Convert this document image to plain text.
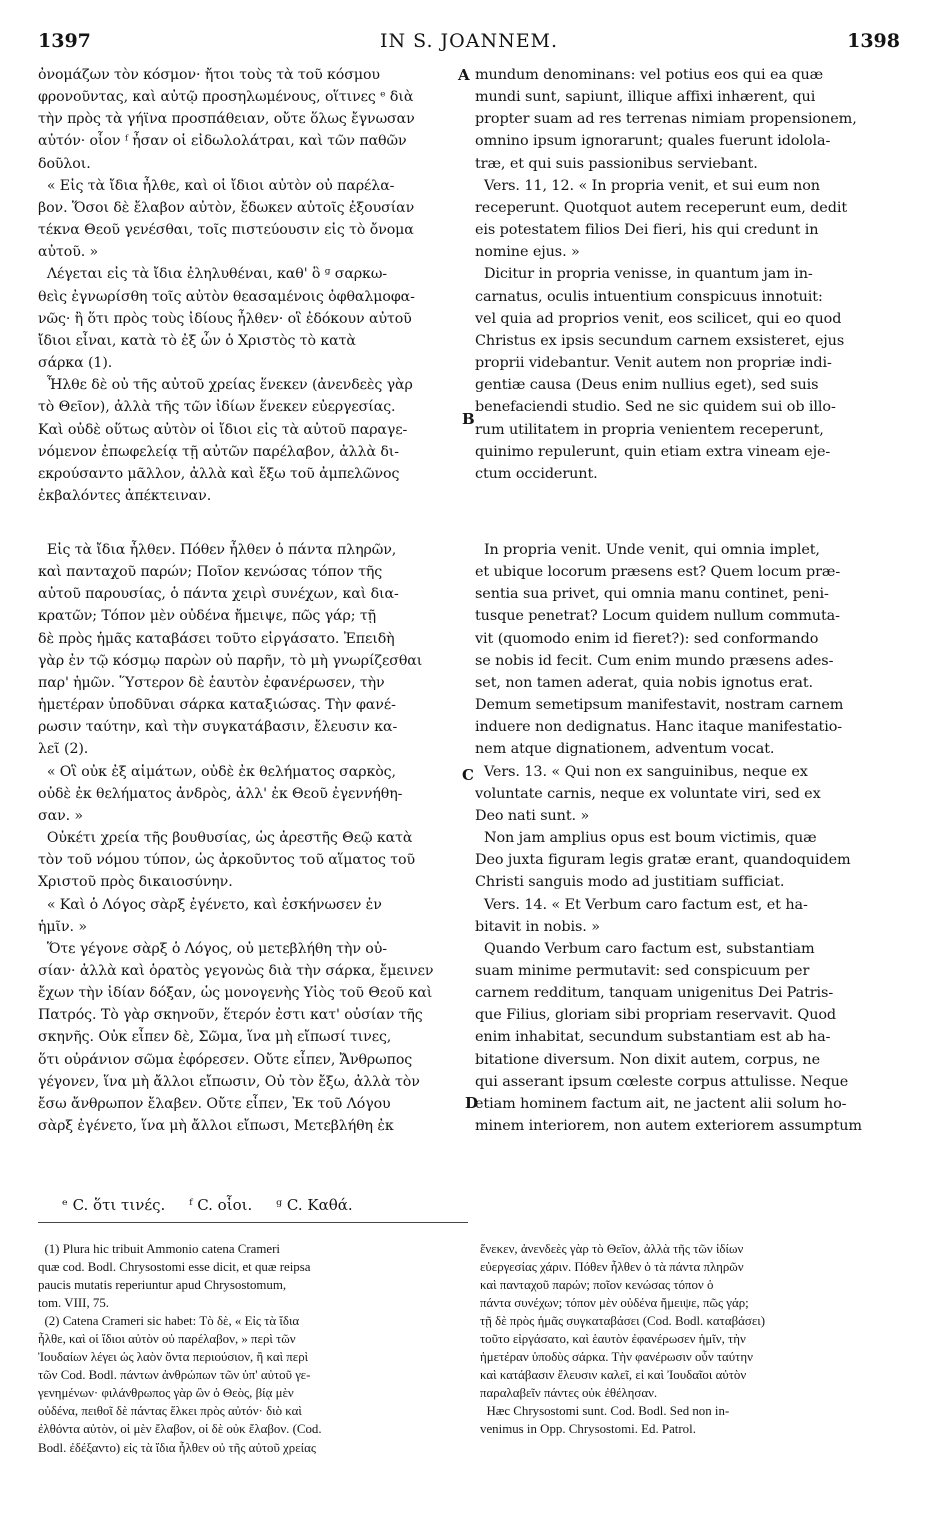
1397	IN S. JOANNEM.	1398
ὀνομάζων τὸν κόσμον· ἤτοι τοὺς τὰ τοῦ κόσμου
φρονοῦντας, καὶ αὐτῷ προσηλωμένους, οἵτινες ᵉ διὰ
τὴν πρὸς τὰ γήϊνα προσπάθειαν, οὔτε ὅλως ἔγνωσαν
αὐτόν· οἷον ᶠ ἦσαν οἱ εἰδωλολάτραι, καὶ τῶν παθῶν
δοῦλοι.
« Εἰς τὰ ἴδια ἦλθε, καὶ οἱ ἴδιοι αὐτὸν οὐ παρέλα-
βον. Ὅσοι δὲ ἔλαβον αὐτὸν, ἔδωκεν αὐτοῖς ἐξουσίαν
τέκνα Θεοῦ γενέσθαι, τοῖς πιστεύουσιν εἰς τὸ ὄνομα
αὐτοῦ. »
Λέγεται εἰς τὰ ἴδια ἐληλυθέναι, καθ' ὃ ᵍ σαρκω-
θεὶς ἐγνωρίσθη τοῖς αὐτὸν θεασαμένοις ὀφθαλμοφα-
νῶς· ἢ ὅτι πρὸς τοὺς ἰδίους ἦλθεν· οἳ ἐδόκουν αὐτοῦ
ἴδιοι εἶναι, κατὰ τὸ ἐξ ὧν ὁ Χριστὸς τὸ κατὰ
σάρκα (1).
Ἦλθε δὲ οὐ τῆς αὐτοῦ χρείας ἕνεκεν (ἀνενδεὲς γὰρ
τὸ Θεῖον), ἀλλὰ τῆς τῶν ἰδίων ἕνεκεν εὐεργεσίας.
Καὶ οὐδὲ οὕτως αὐτὸν οἱ ἴδιοι εἰς τὰ αὐτοῦ παραγε-
νόμενον ἐπωφελείᾳ τῇ αὐτῶν παρέλαβον, ἀλλὰ δι-
εκρούσαντο μᾶλλον, ἀλλὰ καὶ ἔξω τοῦ ἀμπελῶνος
ἐκβαλόντες ἀπέκτειναν.
mundum denominans: vel potius eos qui ea quæ
mundi sunt, sapiunt, illique affixi inhærent, qui
propter suam ad res terrenas nimiam propensionem,
omnino ipsum ignorarunt; quales fuerunt idolola-
træ, et qui suis passionibus serviebant.
Vers. 11, 12. « In propria venit, et sui eum non
receperunt. Quotquot autem receperunt eum, dedit
eis potestatem filios Dei fieri, his qui credunt in
nomine ejus. »
Dicitur in propria venisse, in quantum jam in-
carnatus, oculis intuentium conspicuus innotuit:
vel quia ad proprios venit, eos scilicet, qui eo quod
Christus ex ipsis secundum carnem exsisteret, ejus
proprii videbantur. Venit autem non propriæ indi-
gentiæ causa (Deus enim nullius eget), sed suis
benefaciendi studio. Sed ne sic quidem sui ob illo-
rum utilitatem in propria venientem receperunt,
quinimo repulerunt, quin etiam extra vineam eje-
ctum occiderunt.
Εἰς τὰ ἴδια ἦλθεν. Πόθεν ἦλθεν ὁ πάντα πληρῶν,
καὶ πανταχοῦ παρών; Ποῖον κενώσας τόπον τῆς
αὐτοῦ παρουσίας, ὁ πάντα χειρὶ συνέχων, καὶ δια-
κρατῶν; Τόπον μὲν οὐδένα ἤμειψε, πῶς γάρ; τῇ
δὲ πρὸς ἡμᾶς καταβάσει τοῦτο εἰργάσατο. Ἐπειδὴ
γὰρ ἐν τῷ κόσμῳ παρὼν οὐ παρῆν, τὸ μὴ γνωρίζεσθαι
παρ' ἡμῶν. Ὕστερον δὲ ἑαυτὸν ἐφανέρωσεν, τὴν
ἡμετέραν ὑποδῦναι σάρκα καταξιώσας. Τὴν φανέ-
ρωσιν ταύτην, καὶ τὴν συγκατάβασιν, ἔλευσιν κα-
λεῖ (2).
« Οἳ οὐκ ἐξ αἱμάτων, οὐδὲ ἐκ θελήματος σαρκὸς,
οὐδὲ ἐκ θελήματος ἀνδρὸς, ἀλλ' ἐκ Θεοῦ ἐγεννήθη-
σαν. »
Οὐκέτι χρεία τῆς βουθυσίας, ὡς ἀρεστῆς Θεῷ κατὰ
τὸν τοῦ νόμου τύπον, ὡς ἀρκοῦντος τοῦ αἵματος τοῦ
Χριστοῦ πρὸς δικαιοσύνην.
« Καὶ ὁ Λόγος σὰρξ ἐγένετο, καὶ ἐσκήνωσεν ἐν
ἡμῖν. »
Ὅτε γέγονε σὰρξ ὁ Λόγος, οὐ μετεβλήθη τὴν οὐ-
σίαν· ἀλλὰ καὶ ὁρατὸς γεγονὼς διὰ τὴν σάρκα, ἔμεινεν
ἔχων τὴν ἰδίαν δόξαν, ὡς μονογενὴς Υἱὸς τοῦ Θεοῦ καὶ
Πατρός. Τὸ γὰρ σκηνοῦν, ἕτερόν ἐστι κατ' οὐσίαν τῆς
σκηνῆς. Οὐκ εἶπεν δὲ, Σῶμα, ἵνα μὴ εἴπωσί τινες,
ὅτι οὐράνιον σῶμα ἐφόρεσεν. Οὔτε εἶπεν, Ἄνθρωπος
γέγονεν, ἵνα μὴ ἄλλοι εἴπωσιν, Οὐ τὸν ἔξω, ἀλλὰ τὸν
ἔσω ἄνθρωπον ἔλαβεν. Οὔτε εἶπεν, Ἐκ τοῦ Λόγου
σὰρξ ἐγένετο, ἵνα μὴ ἄλλοι εἴπωσι, Μετεβλήθη ἐκ
In propria venit. Unde venit, qui omnia implet,
et ubique locorum præsens est? Quem locum præ-
sentia sua privet, qui omnia manu continet, peni-
tusque penetrat? Locum quidem nullum commuta-
vit (quomodo enim id fieret?): sed conformando
se nobis id fecit. Cum enim mundo præsens ades-
set, non tamen aderat, quia nobis ignotus erat.
Demum semetipsum manifestavit, nostram carnem
induere non dedignatus. Hanc itaque manifestatio-
nem atque dignationem, adventum vocat.
Vers. 13. « Qui non ex sanguinibus, neque ex
voluntate carnis, neque ex voluntate viri, sed ex
Deo nati sunt. »
Non jam amplius opus est boum victimis, quæ
Deo juxta figuram legis gratæ erant, quandoquidem
Christi sanguis modo ad justitiam sufficiat.
Vers. 14. « Et Verbum caro factum est, et ha-
bitavit in nobis. »
Quando Verbum caro factum est, substantiam
suam minime permutavit: sed conspicuum per
carnem redditum, tanquam unigenitus Dei Patris-
que Filius, gloriam sibi propriam reservavit. Quod
enim inhabitat, secundum substantiam est ab ha-
bitatione diversum. Non dixit autem, corpus, ne
qui asserant ipsum cœleste corpus attulisse. Neque
etiam hominem factum ait, ne jactent alii solum ho-
minem interiorem, non autem exteriorem assumptum
A
B
C
D
ᵉ C. ὅτι τινές.     ᶠ C. οἷοι.     ᵍ C. Καθά.
(1) Plura hic tribuit Ammonio catena Crameri
quæ cod. Bodl. Chrysostomi esse dicit, et quæ reipsa
paucis mutatis reperiuntur apud Chrysostomum,
tom. VIII, 75.
(2) Catena Crameri sic habet: Τὸ δὲ, « Εἰς τὰ ἴδια
ἦλθε, καὶ οἱ ἴδιοι αὐτὸν οὐ παρέλαβον, » περὶ τῶν
Ἰουδαίων λέγει ὡς λαὸν ὄντα περιούσιον, ἢ καὶ περὶ
τῶν Cod. Bodl. πάντων ἀνθρώπων τῶν ὑπ' αὐτοῦ γε-
γενημένων· φιλάνθρωπος γὰρ ὢν ὁ Θεὸς, βίᾳ μὲν
οὐδένα, πειθοῖ δὲ πάντας ἕλκει πρὸς αὐτόν· διὸ καὶ
ἐλθόντα αὐτὸν, οἱ μὲν ἔλαβον, οἱ δὲ οὐκ ἔλαβον. (Cod.
Bodl. ἐδέξαντο) εἰς τὰ ἴδια ἦλθεν οὐ τῆς αὐτοῦ χρείας
ἕνεκεν, ἀνενδεὲς γὰρ τὸ Θεῖον, ἀλλὰ τῆς τῶν ἰδίων
εὐεργεσίας χάριν. Πόθεν ἦλθεν ὁ τὰ πάντα πληρῶν
καὶ πανταχοῦ παρών; ποῖον κενώσας τόπον ὁ
πάντα συνέχων; τόπον μὲν οὐδένα ἤμειψε, πῶς γάρ;
τῇ δὲ πρὸς ἡμᾶς συγκαταβάσει (Cod. Bodl. καταβάσει)
τοῦτο εἰργάσατο, καὶ ἑαυτὸν ἐφανέρωσεν ἡμῖν, τὴν
ἡμετέραν ὑποδὺς σάρκα. Τὴν φανέρωσιν οὖν ταύτην
καὶ κατάβασιν ἔλευσιν καλεῖ, εἰ καὶ Ἰουδαῖοι αὐτὸν
παραλαβεῖν πάντες οὐκ ἐθέλησαν.
Hæc Chrysostomi sunt. Cod. Bodl. Sed non in-
venimus in Opp. Chrysostomi. Ed. Patrol.
